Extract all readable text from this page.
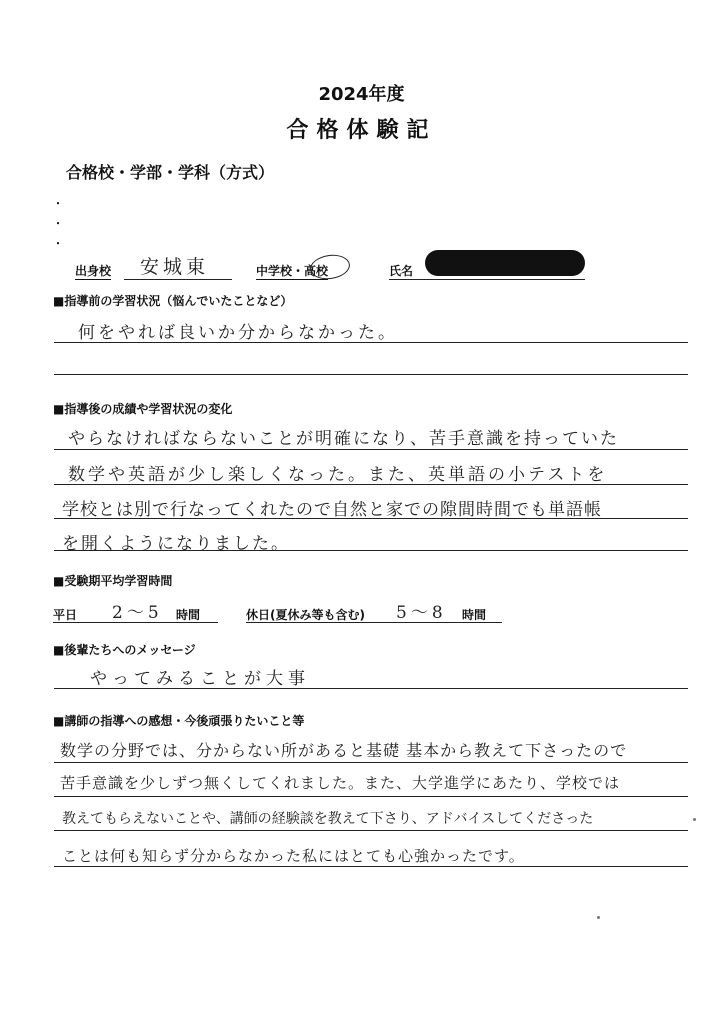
2024年度
合格体験記
合格校・学部・学科（方式）
・
・
・
出身校 安城東	中学校・高校	氏名
■指導前の学習状況（悩んでいたことなど）
何をやれば良いか分からなかった。
■指導後の成績や学習状況の変化
やらなければならないことが明確になり、苦手意識を持っていた
数学や英語が少し楽しくなった。また、英単語の小テストを
学校とは別で行なってくれたので自然と家での隙間時間でも単語帳
を開くようになりました。
■受験期平均学習時間
平日 2〜5 時間	休日(夏休み等も含む) 5〜8 時間
■後輩たちへのメッセージ
やってみることが大事
■講師の指導への感想・今後頑張りたいこと等
数学の分野では、分からない所があると基礎 基本から教えて下さったので
苦手意識を少しずつ無くしてくれました。また、大学進学にあたり、学校では
教えてもらえないことや、講師の経験談を教えて下さり、アドバイスしてくださった
ことは何も知らず分からなかった私にはとても心強かったです。
